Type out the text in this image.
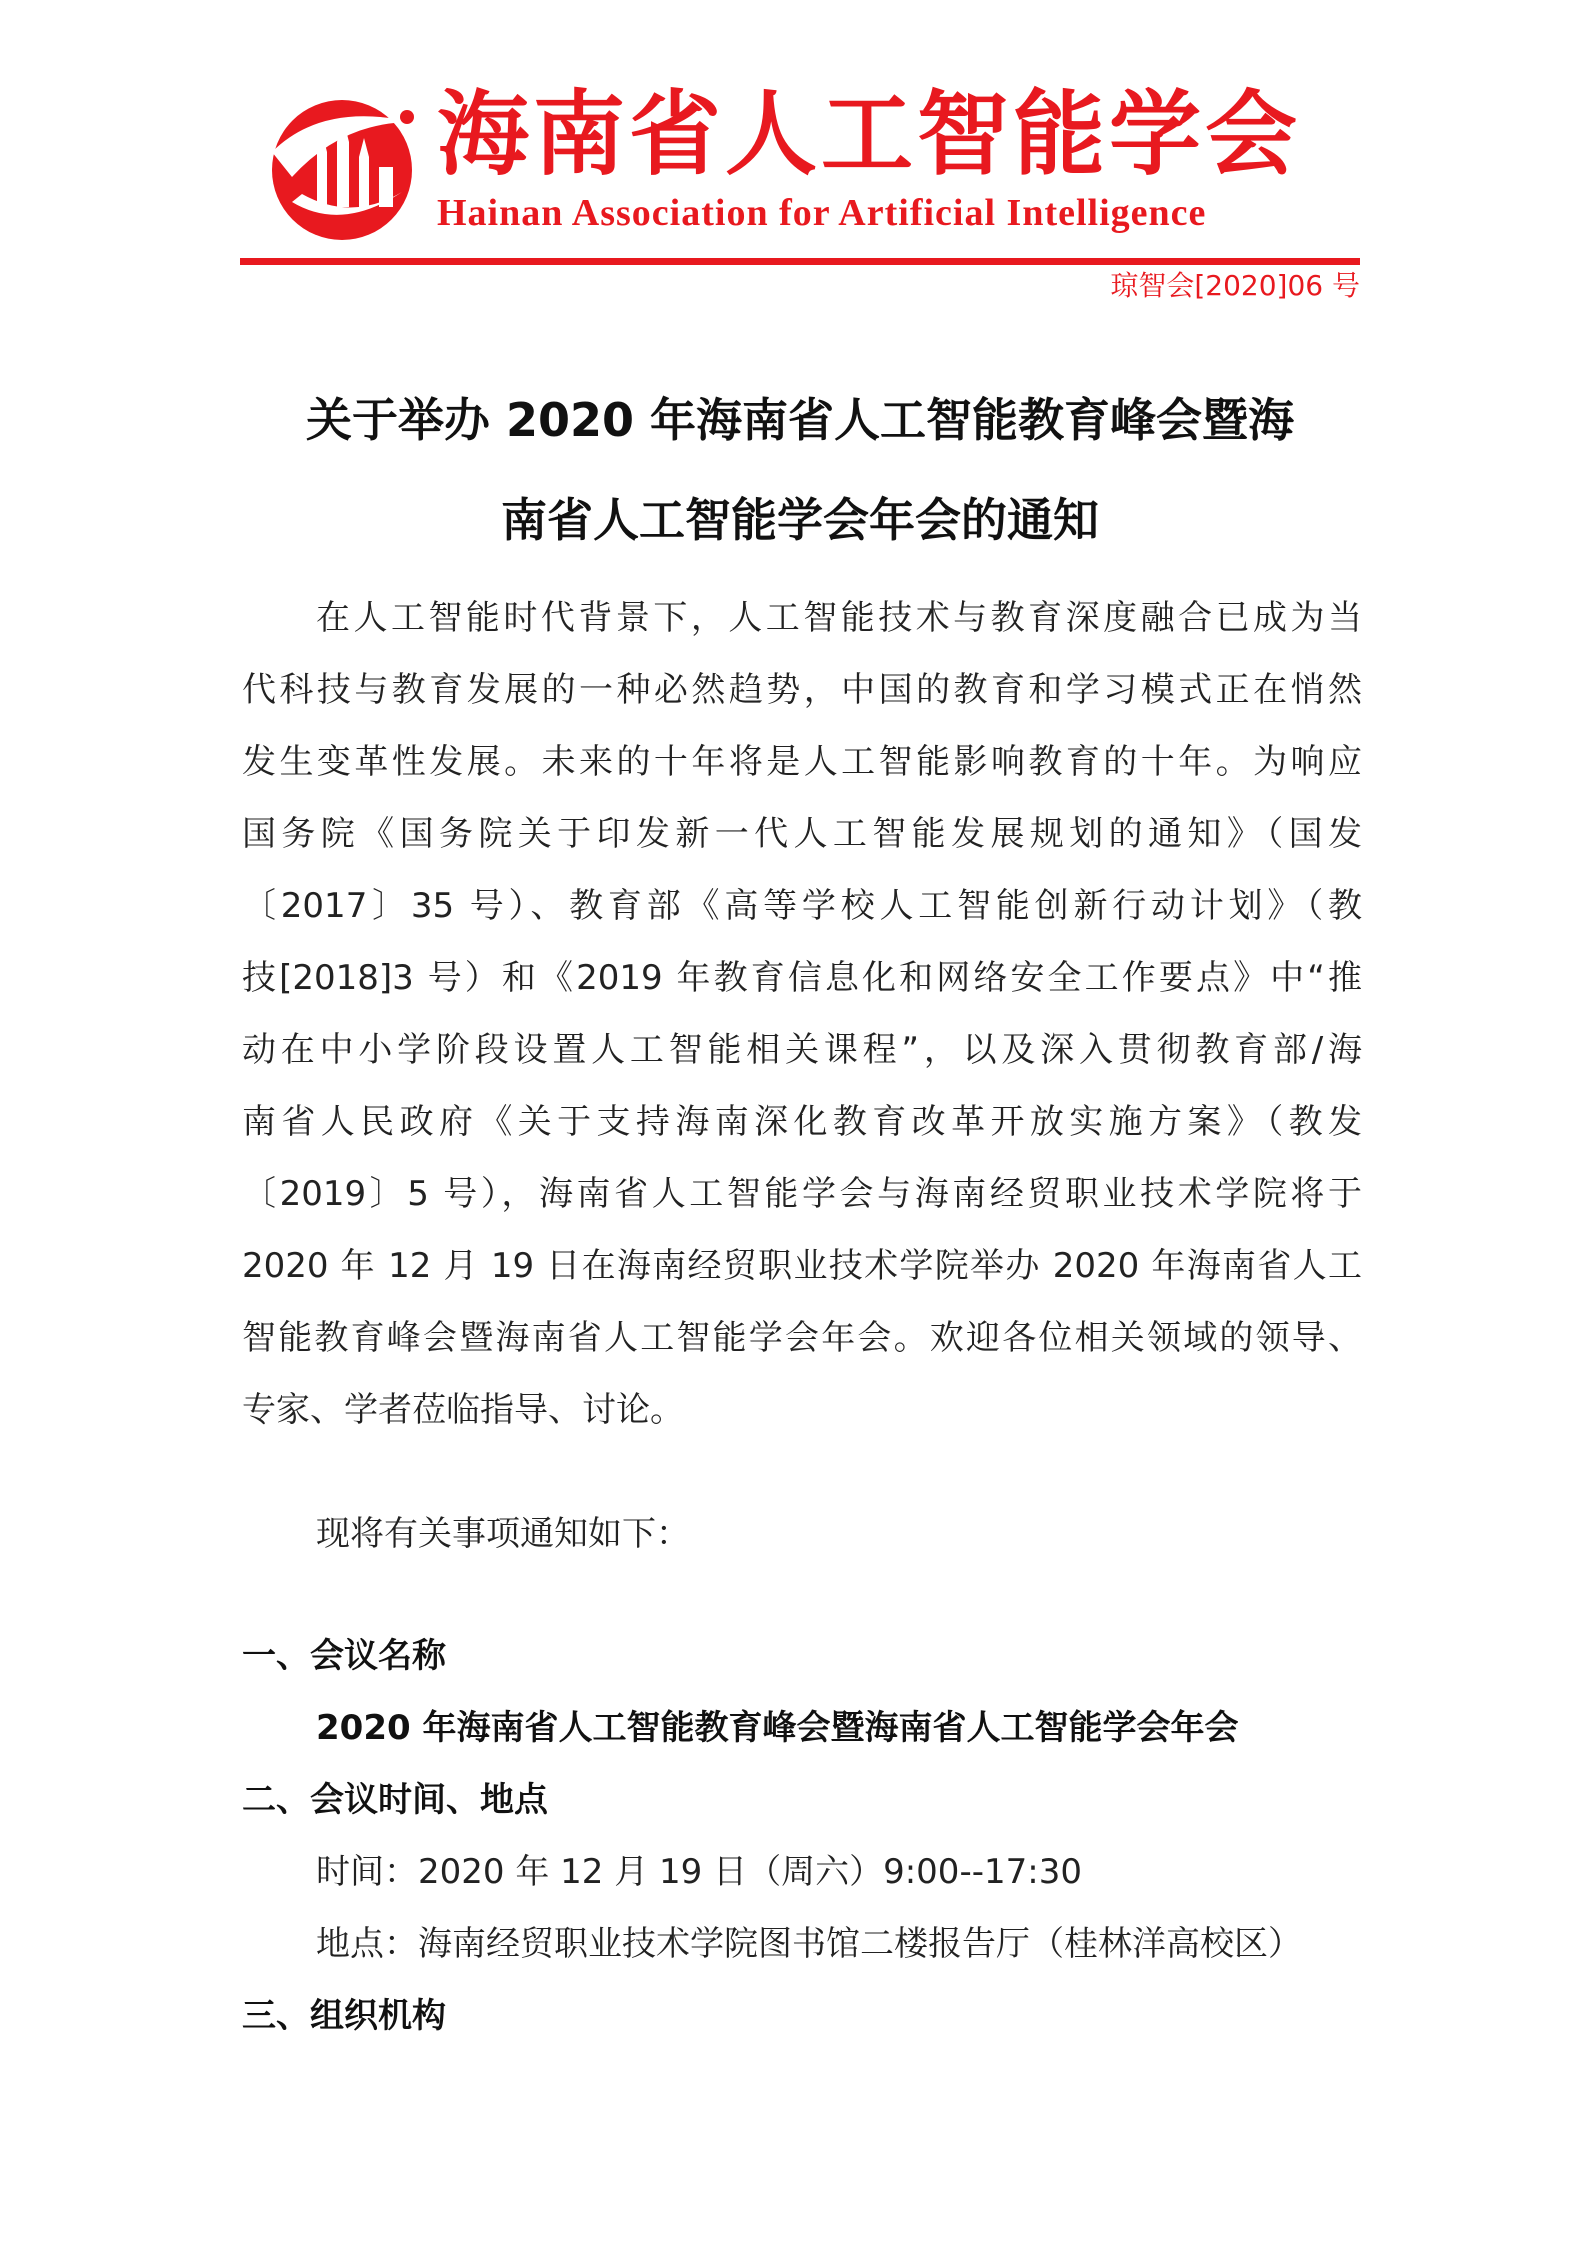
海南省人工智能学会
Hainan Association for Artificial Intelligence
琼智会[2020]06 号
关于举办 2020 年海南省人工智能教育峰会暨海
南省人工智能学会年会的通知
在人工智能时代背景下，人工智能技术与教育深度融合已成为当
代科技与教育发展的一种必然趋势，中国的教育和学习模式正在悄然
发生变革性发展。未来的十年将是人工智能影响教育的十年。为响应
国务院《国务院关于印发新一代人工智能发展规划的通知》（国发
〔2017〕35 号）、教育部《高等学校人工智能创新行动计划》（教
技[2018]3 号）和《2019 年教育信息化和网络安全工作要点》中“推
动在中小学阶段设置人工智能相关课程”，以及深入贯彻教育部/海
南省人民政府《关于支持海南深化教育改革开放实施方案》（教发
〔2019〕5 号），海南省人工智能学会与海南经贸职业技术学院将于
2020 年 12 月 19 日在海南经贸职业技术学院举办 2020 年海南省人工
智能教育峰会暨海南省人工智能学会年会。欢迎各位相关领域的领导、
专家、学者莅临指导、讨论。
现将有关事项通知如下：
一、会议名称
2020 年海南省人工智能教育峰会暨海南省人工智能学会年会
二、会议时间、地点
时间：2020 年 12 月 19 日（周六）9:00--17:30
地点：海南经贸职业技术学院图书馆二楼报告厅（桂林洋高校区）
三、组织机构
